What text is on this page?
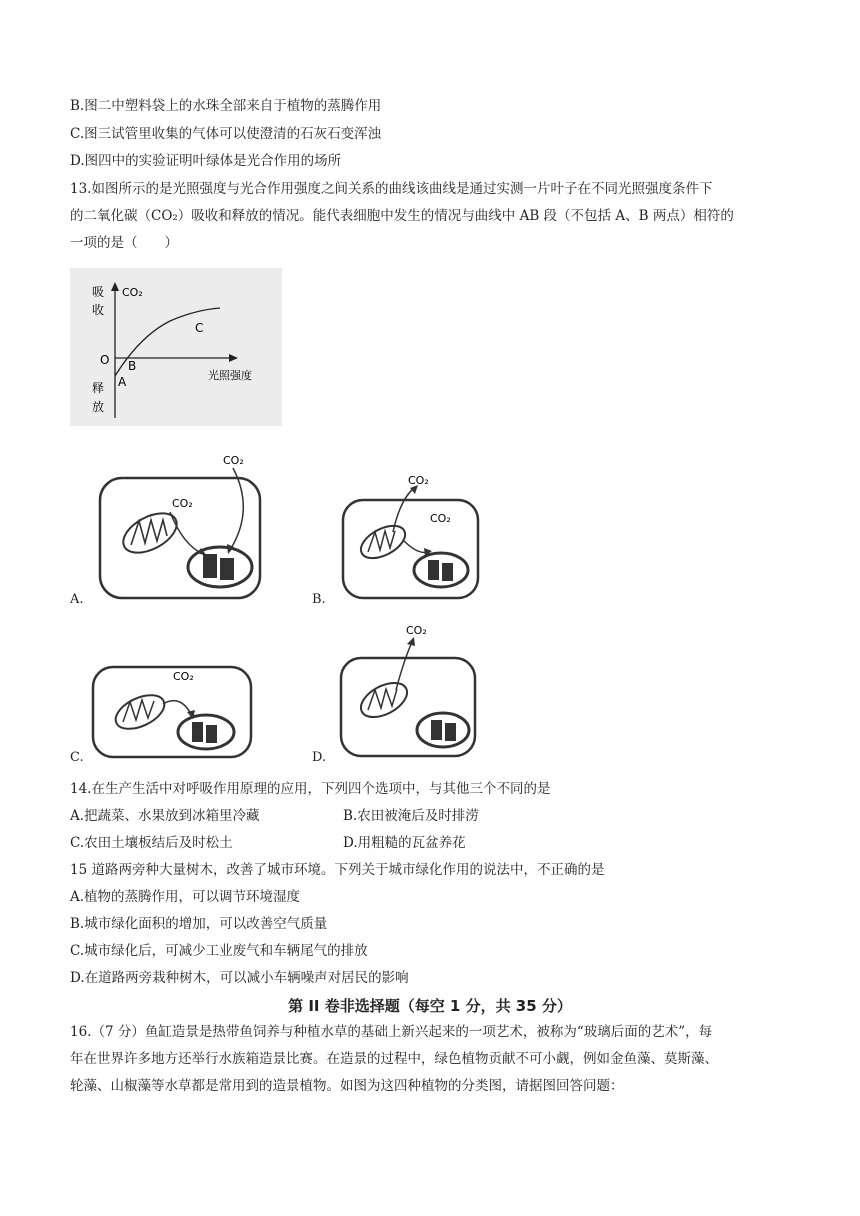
B.图二中塑料袋上的水珠全部来自于植物的蒸腾作用
C.图三试管里收集的气体可以使澄清的石灰石变浑浊
D.图四中的实验证明叶绿体是光合作用的场所
13.如图所示的是光照强度与光合作用强度之间关系的曲线该曲线是通过实测一片叶子在不同光照强度条件下
的二氧化碳（CO₂）吸收和释放的情况。能代表细胞中发生的情况与曲线中 AB 段（不包括 A、B 两点）相符的
一项的是（　　）
吸
收
CO₂
O B
A
C
光照强度
释
放
CO₂
CO₂
A.
CO₂
CO₂
B.
CO₂
C.
CO₂
D.
14.在生产生活中对呼吸作用原理的应用，下列四个选项中，与其他三个不同的是
A.把蔬菜、水果放到冰箱里冷藏	B.农田被淹后及时排涝
C.农田土壤板结后及时松土	D.用粗糙的瓦盆养花
15 道路两旁种大量树木，改善了城市环境。下列关于城市绿化作用的说法中，不正确的是
A.植物的蒸腾作用，可以调节环境湿度
B.城市绿化面积的增加，可以改善空气质量
C.城市绿化后，可减少工业废气和车辆尾气的排放
D.在道路两旁栽种树木，可以减小车辆噪声对居民的影响
第 II 卷非选择题（每空 1 分，共 35 分）
16.（7 分）鱼缸造景是热带鱼饲养与种植水草的基础上新兴起来的一项艺术，被称为“玻璃后面的艺术”，每
年在世界许多地方还举行水族箱造景比赛。在造景的过程中，绿色植物贡献不可小觑，例如金鱼藻、莫斯藻、
轮藻、山椒藻等水草都是常用到的造景植物。如图为这四种植物的分类图，请据图回答问题：
